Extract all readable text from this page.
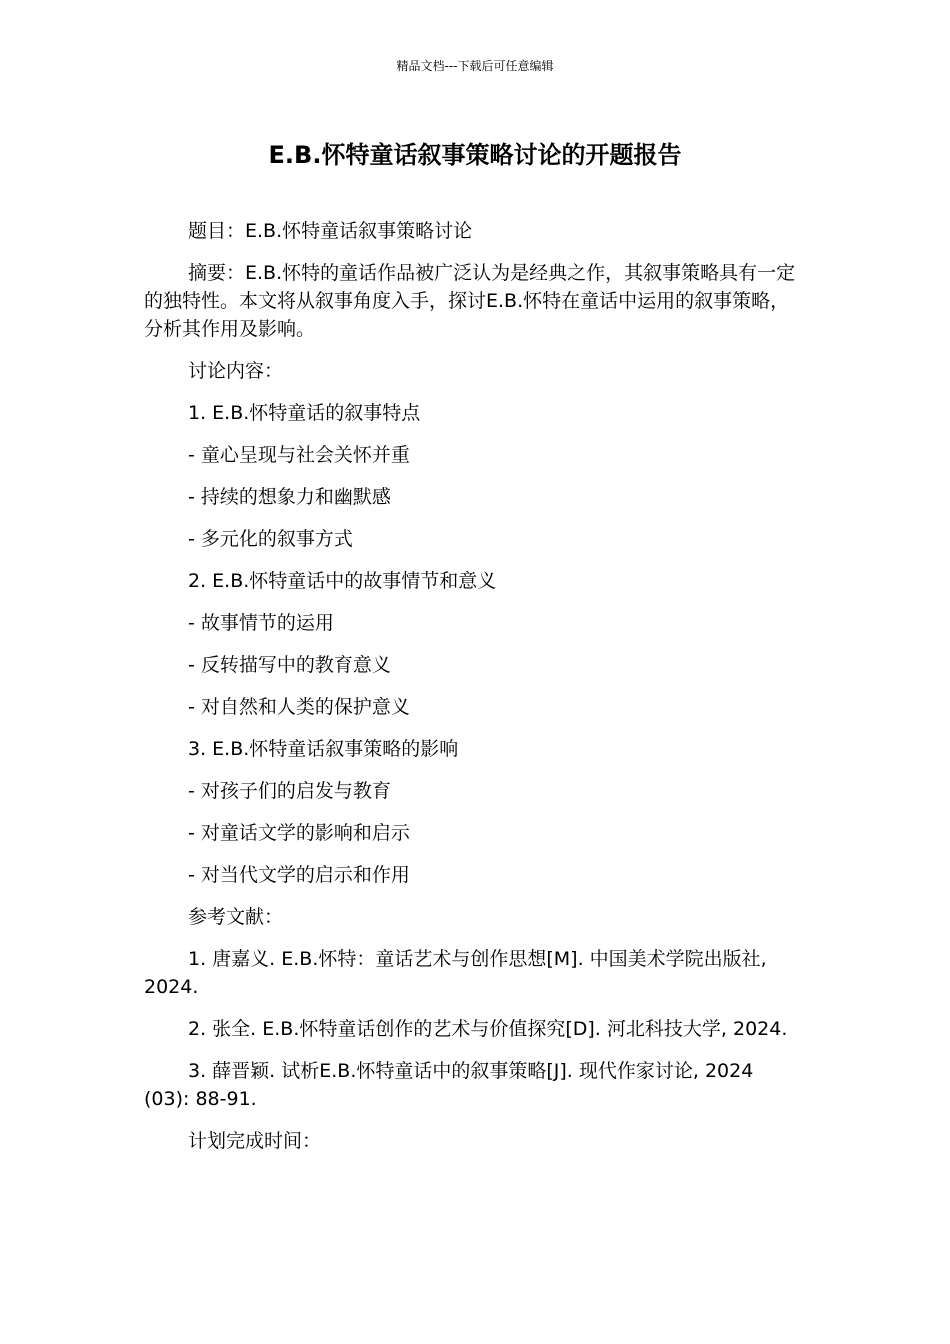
精品文档---下载后可任意编辑
E.B.怀特童话叙事策略讨论的开题报告

题目：E.B.怀特童话叙事策略讨论

摘要：E.B.怀特的童话作品被广泛认为是经典之作，其叙事策略具有一定的独特性。本文将从叙事角度入手，探讨E.B.怀特在童话中运用的叙事策略，分析其作用及影响。

讨论内容：

1. E.B.怀特童话的叙事特点

- 童心呈现与社会关怀并重

- 持续的想象力和幽默感

- 多元化的叙事方式

2. E.B.怀特童话中的故事情节和意义

- 故事情节的运用

- 反转描写中的教育意义

- 对自然和人类的保护意义

3. E.B.怀特童话叙事策略的影响

- 对孩子们的启发与教育

- 对童话文学的影响和启示

- 对当代文学的启示和作用

参考文献：

1. 唐嘉义. E.B.怀特：童话艺术与创作思想[M]. 中国美术学院出版社, 2024.

2. 张全. E.B.怀特童话创作的艺术与价值探究[D]. 河北科技大学, 2024.

3. 薛晋颖. 试析E.B.怀特童话中的叙事策略[J]. 现代作家讨论, 2024 (03): 88-91.

计划完成时间：
